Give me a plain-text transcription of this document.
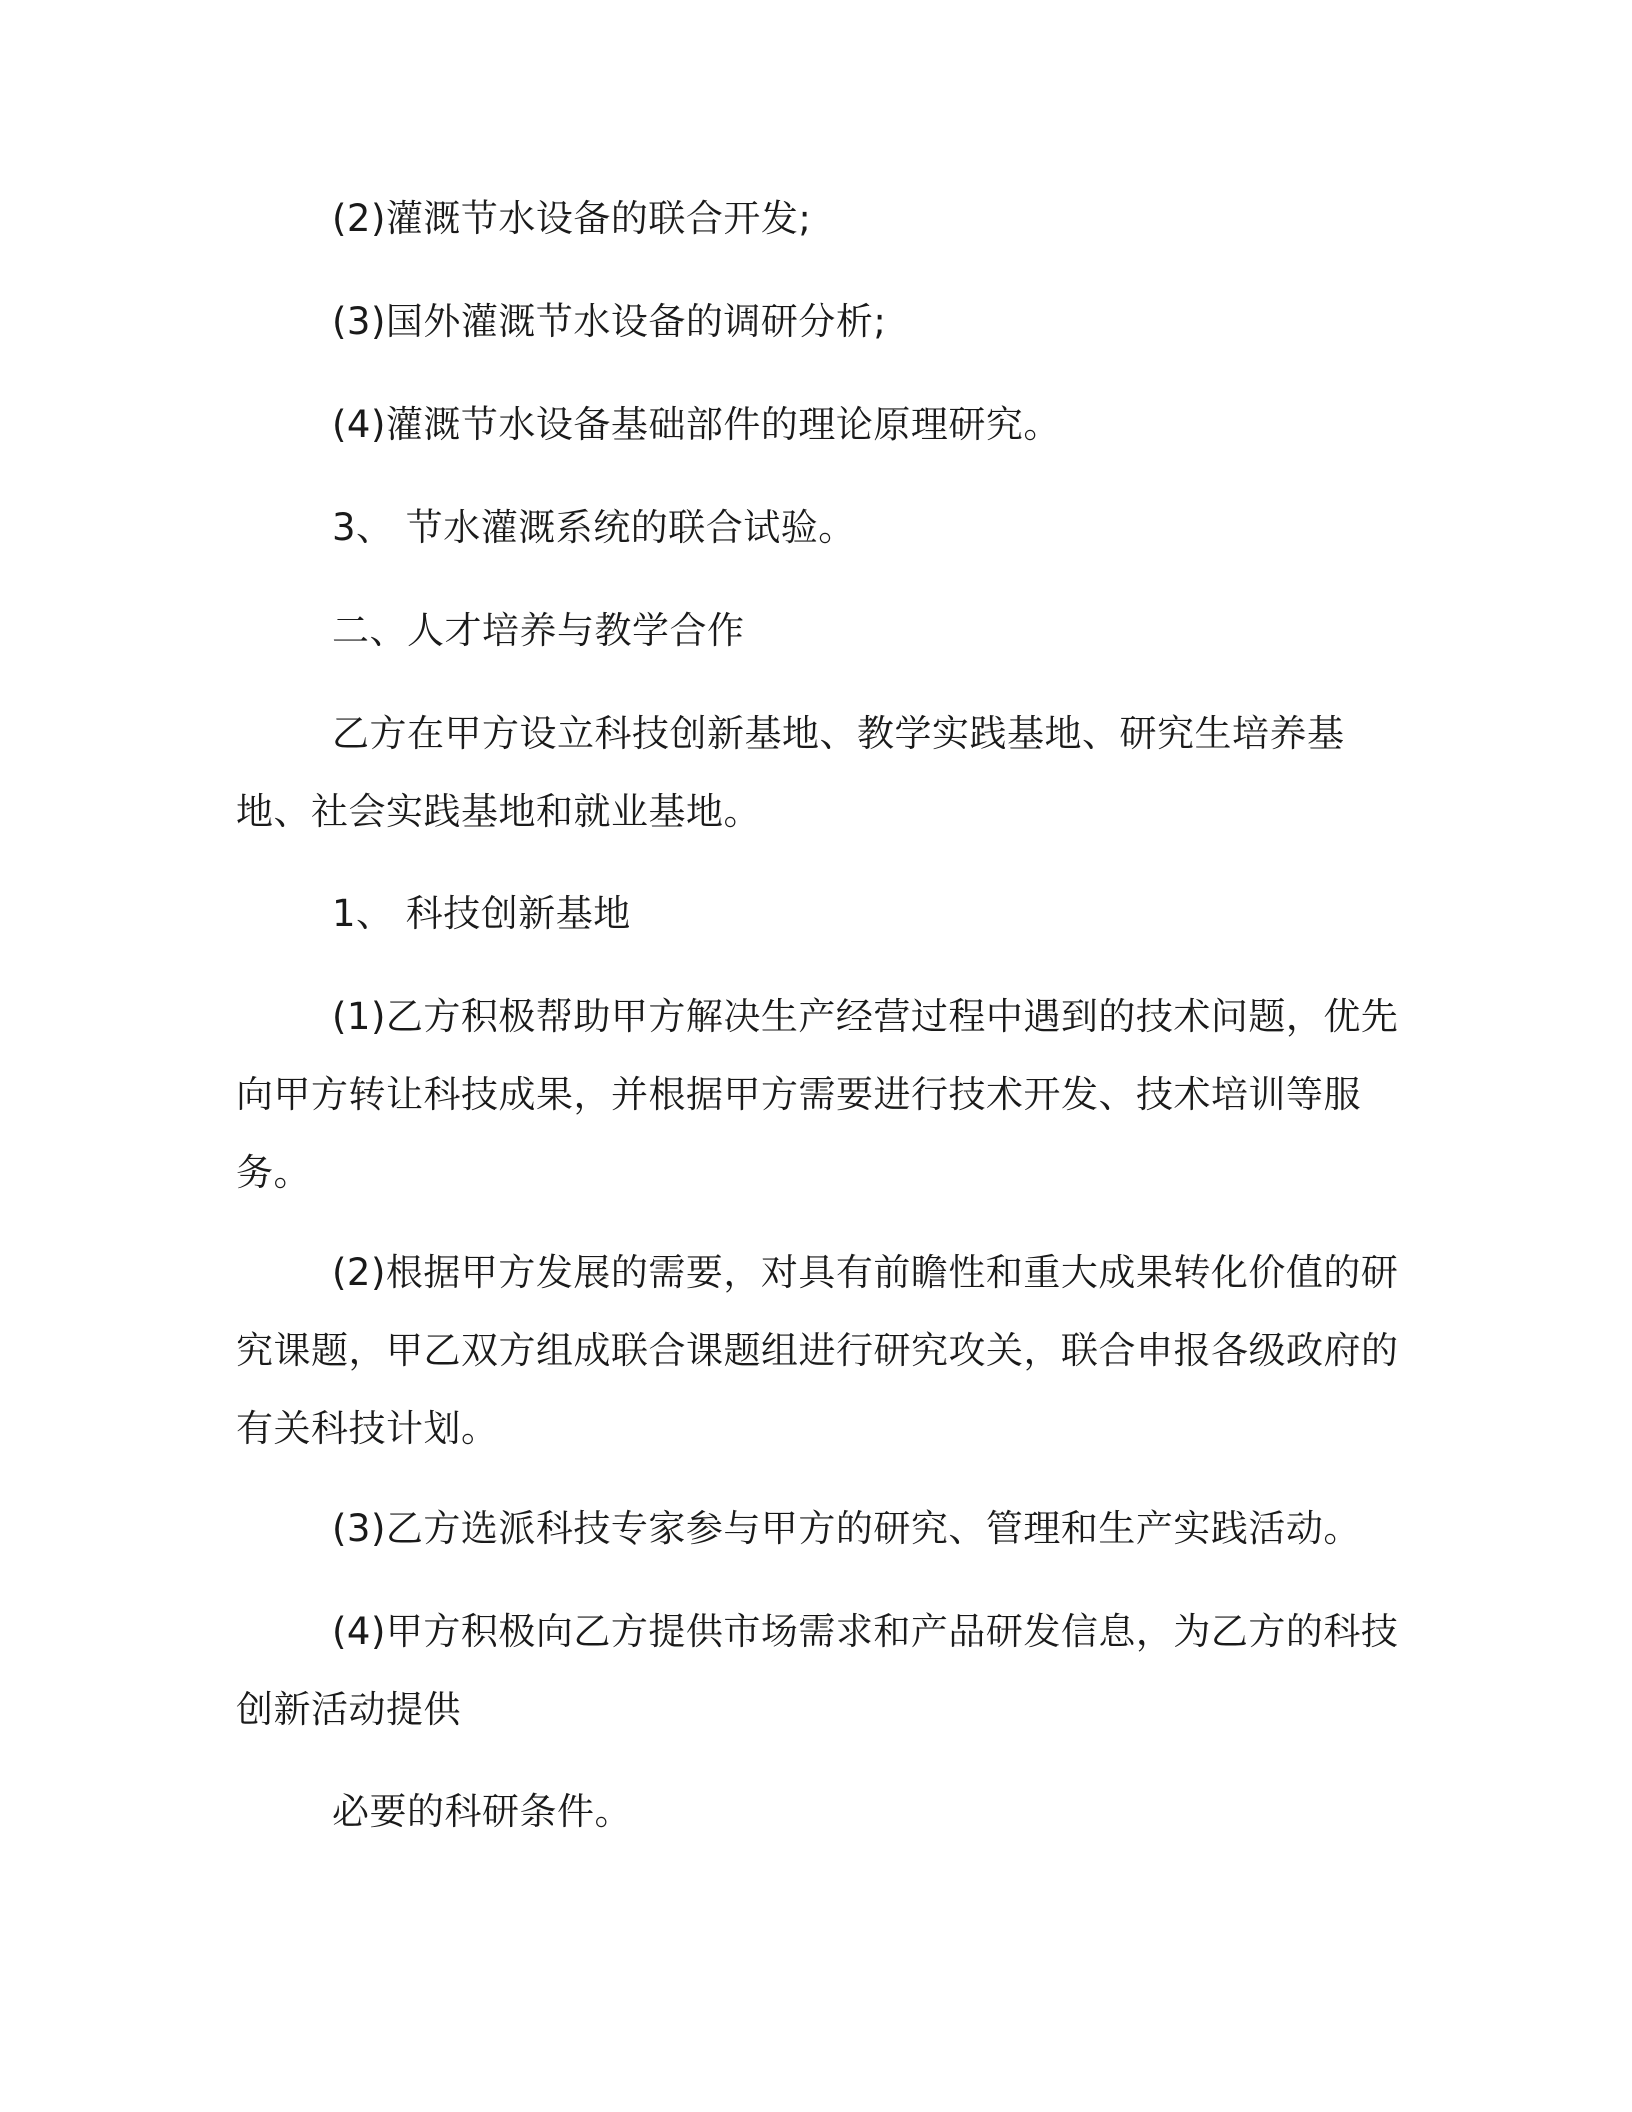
(2)灌溉节水设备的联合开发;

(3)国外灌溉节水设备的调研分析;

(4)灌溉节水设备基础部件的理论原理研究。

3、 节水灌溉系统的联合试验。

二、人才培养与教学合作

乙方在甲方设立科技创新基地、教学实践基地、研究生培养基地、社会实践基地和就业基地。

1、 科技创新基地

(1)乙方积极帮助甲方解决生产经营过程中遇到的技术问题，优先向甲方转让科技成果，并根据甲方需要进行技术开发、技术培训等服务。

(2)根据甲方发展的需要，对具有前瞻性和重大成果转化价值的研究课题，甲乙双方组成联合课题组进行研究攻关，联合申报各级政府的有关科技计划。

(3)乙方选派科技专家参与甲方的研究、管理和生产实践活动。

(4)甲方积极向乙方提供市场需求和产品研发信息，为乙方的科技创新活动提供

必要的科研条件。
